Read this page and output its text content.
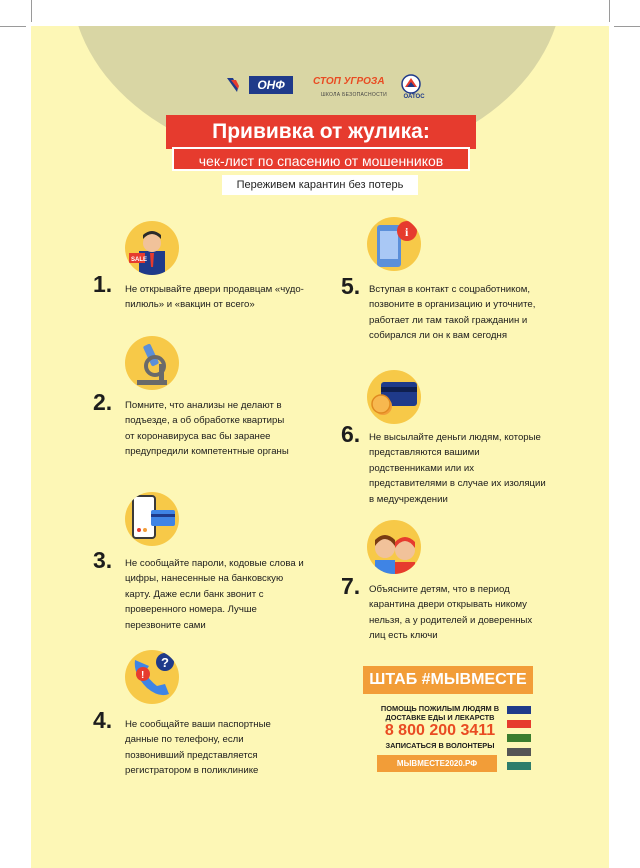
ОНФ	СТОП УГРОЗА
ШКОЛА БЕЗОПАСНОСТИ	ОАТОС
Прививка от жулика:
чек-лист по спасению от мошенников
Переживем карантин без потерь
SALE
1. Не открывайте двери продавцам «чудо-пилюль» и «вакцин от всего»
2. Помните, что анализы не делают в подъезде, а об обработке квартиры от коронавируса вас бы заранее предупредили компетентные органы
3. Не сообщайте пароли, кодовые слова и цифры, нанесенные на банковскую карту. Даже если банк звонит с проверенного номера. Лучше перезвоните сами
?
!
4. Не сообщайте ваши паспортные данные по телефону, если позвонивший представляется регистратором в поликлинике
i
5. Вступая в контакт с соцработником, позвоните в организацию и уточните, работает ли там такой гражданин и собирался ли он к вам сегодня
6. Не высылайте деньги людям, которые представляются вашими родственниками или их представителями в случае их изоляции в медучреждении
7. Объясните детям, что в период карантина двери открывать никому нельзя, а у родителей и доверенных лиц есть ключи
ШТАБ #МЫВМЕСТЕ
ПОМОЩЬ ПОЖИЛЫМ ЛЮДЯМ В ДОСТАВКЕ ЕДЫ И ЛЕКАРСТВ
8 800 200 3411
ЗАПИСАТЬСЯ В ВОЛОНТЕРЫ
МЫВМЕСТЕ2020.РФ
